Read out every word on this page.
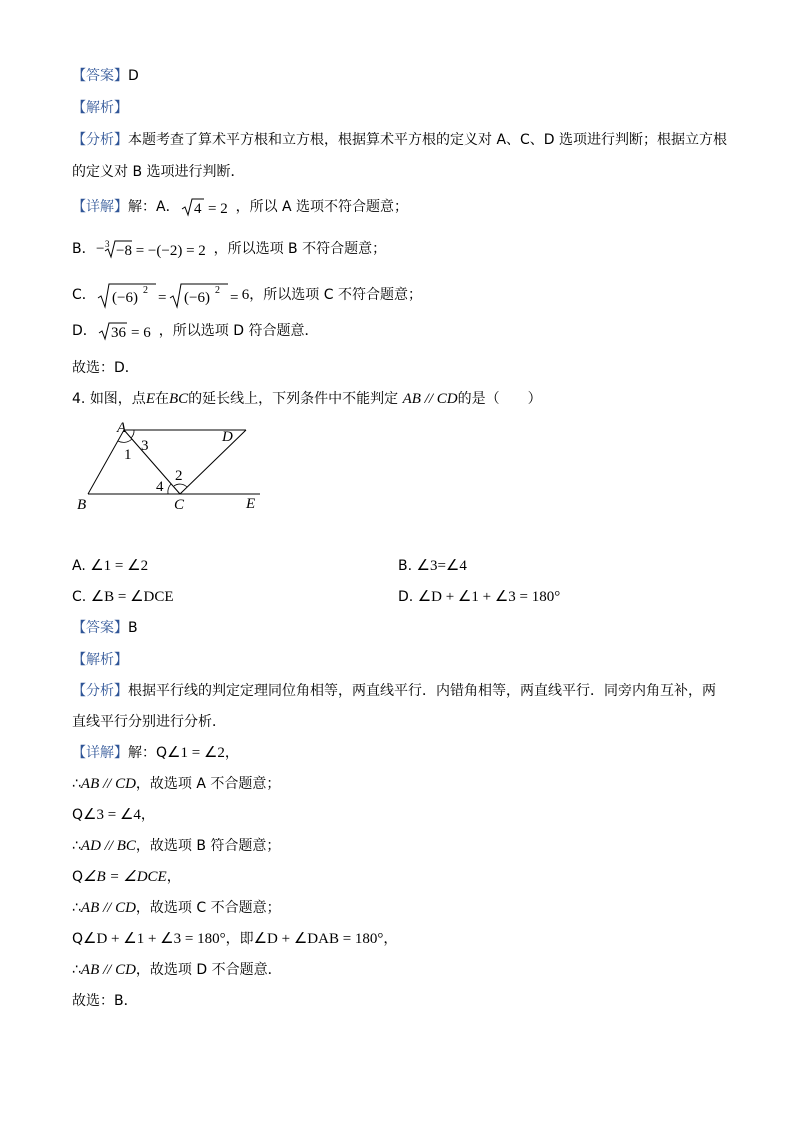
【答案】D
【解析】
【分析】本题考查了算术平方根和立方根，根据算术平方根的定义对 A、C、D 选项进行判断；根据立方根
的定义对 B 选项进行判断．
【详解】解：A． 4 = 2 ，所以 A 选项不符合题意；
B． − 3 −8 = −(−2) = 2 ，所以选项 B 不符合题意；
C． (−6) 2 = (−6) 2 = 6，所以选项 C 不符合题意；
D． 36 = 6 ，所以选项 D 符合题意．
故选：D．
4. 如图，点E在BC的延长线上，下列条件中不能判定 AB // CD的是（　　）
A
D
B	C	E
1
2
3
4
A. ∠1 = ∠2	B. ∠3=∠4
C. ∠B = ∠DCE	D. ∠D + ∠1 + ∠3 = 180°
【答案】B
【解析】
【分析】根据平行线的判定定理同位角相等，两直线平行．内错角相等，两直线平行．同旁内角互补，两
直线平行分别进行分析．
【详解】解：Q∠1 = ∠2，
∴AB // CD，故选项 A 不合题意；
Q∠3 = ∠4，
∴AD // BC，故选项 B 符合题意；
Q∠B = ∠DCE，
∴AB // CD，故选项 C 不合题意；
Q∠D + ∠1 + ∠3 = 180°，即∠D + ∠DAB = 180°，
∴AB // CD，故选项 D 不合题意．
故选：B．
